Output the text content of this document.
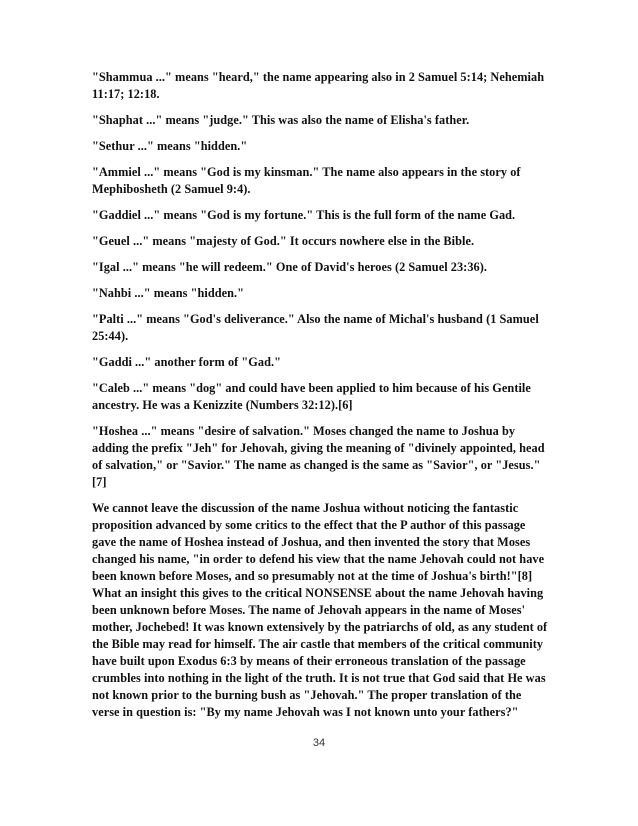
"Shammua ..." means "heard," the name appearing also in 2 Samuel 5:14; Nehemiah 11:17; 12:18.

"Shaphat ..." means "judge." This was also the name of Elisha's father.

"Sethur ..." means "hidden."

"Ammiel ..." means "God is my kinsman." The name also appears in the story of Mephibosheth (2 Samuel 9:4).

"Gaddiel ..." means "God is my fortune." This is the full form of the name Gad.

"Geuel ..." means "majesty of God." It occurs nowhere else in the Bible.

"Igal ..." means "he will redeem." One of David's heroes (2 Samuel 23:36).

"Nahbi ..." means "hidden."

"Palti ..." means "God's deliverance." Also the name of Michal's husband (1 Samuel 25:44).

"Gaddi ..." another form of "Gad."

"Caleb ..." means "dog" and could have been applied to him because of his Gentile ancestry. He was a Kenizzite (Numbers 32:12).[6]

"Hoshea ..." means "desire of salvation." Moses changed the name to Joshua by adding the prefix "Jeh" for Jehovah, giving the meaning of "divinely appointed, head of salvation," or "Savior." The name as changed is the same as "Savior", or "Jesus."[7]

We cannot leave the discussion of the name Joshua without noticing the fantastic proposition advanced by some critics to the effect that the P author of this passage gave the name of Hoshea instead of Joshua, and then invented the story that Moses changed his name, "in order to defend his view that the name Jehovah could not have been known before Moses, and so presumably not at the time of Joshua's birth!"[8] What an insight this gives to the critical NONSENSE about the name Jehovah having been unknown before Moses. The name of Jehovah appears in the name of Moses' mother, Jochebed! It was known extensively by the patriarchs of old, as any student of the Bible may read for himself. The air castle that members of the critical community have built upon Exodus 6:3 by means of their erroneous translation of the passage crumbles into nothing in the light of the truth. It is not true that God said that He was not known prior to the burning bush as "Jehovah." The proper translation of the verse in question is: "By my name Jehovah was I not known unto your fathers?"

34
